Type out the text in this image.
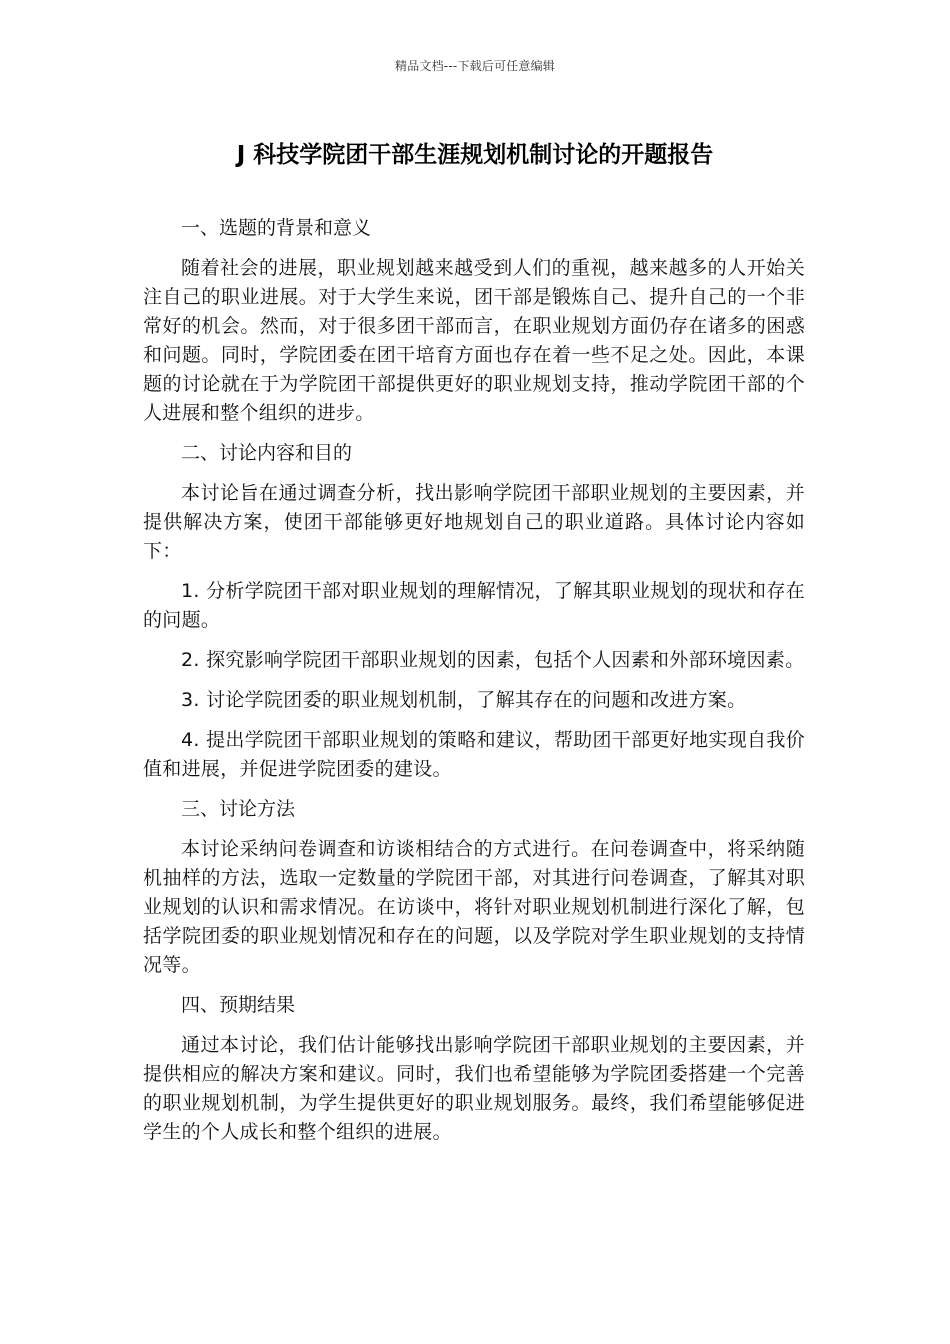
精品文档---下载后可任意编辑
J 科技学院团干部生涯规划机制讨论的开题报告

一、选题的背景和意义

随着社会的进展，职业规划越来越受到人们的重视，越来越多的人开始关注自己的职业进展。对于大学生来说，团干部是锻炼自己、提升自己的一个非常好的机会。然而，对于很多团干部而言，在职业规划方面仍存在诸多的困惑和问题。同时，学院团委在团干培育方面也存在着一些不足之处。因此，本课题的讨论就在于为学院团干部提供更好的职业规划支持，推动学院团干部的个人进展和整个组织的进步。

二、讨论内容和目的

本讨论旨在通过调查分析，找出影响学院团干部职业规划的主要因素，并提供解决方案，使团干部能够更好地规划自己的职业道路。具体讨论内容如下：

1. 分析学院团干部对职业规划的理解情况，了解其职业规划的现状和存在的问题。

2. 探究影响学院团干部职业规划的因素，包括个人因素和外部环境因素。

3. 讨论学院团委的职业规划机制，了解其存在的问题和改进方案。

4. 提出学院团干部职业规划的策略和建议，帮助团干部更好地实现自我价值和进展，并促进学院团委的建设。

三、讨论方法

本讨论采纳问卷调查和访谈相结合的方式进行。在问卷调查中，将采纳随机抽样的方法，选取一定数量的学院团干部，对其进行问卷调查，了解其对职业规划的认识和需求情况。在访谈中，将针对职业规划机制进行深化了解，包括学院团委的职业规划情况和存在的问题，以及学院对学生职业规划的支持情况等。

四、预期结果

通过本讨论，我们估计能够找出影响学院团干部职业规划的主要因素，并提供相应的解决方案和建议。同时，我们也希望能够为学院团委搭建一个完善的职业规划机制，为学生提供更好的职业规划服务。最终，我们希望能够促进学生的个人成长和整个组织的进展。
